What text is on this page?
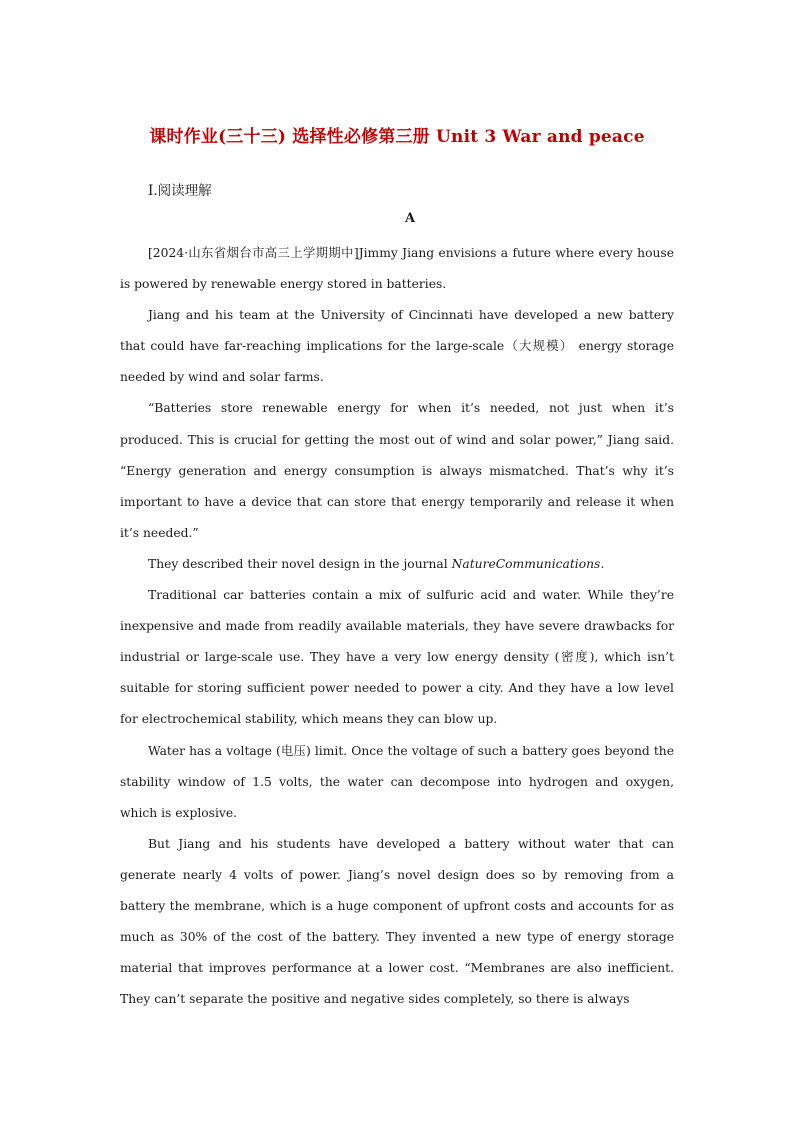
课时作业(三十三) 选择性必修第三册 Unit 3 War and peace
Ⅰ.阅读理解
A

[2024·山东省烟台市高三上学期期中]Jimmy Jiang envisions a future where every house is powered by renewable energy stored in batteries.

Jiang and his team at the University of Cincinnati have developed a new battery that could have far-reaching implications for the large-scale（大规模） energy storage needed by wind and solar farms.

“Batteries store renewable energy for when it’s needed, not just when it’s produced. This is crucial for getting the most out of wind and solar power,” Jiang said. “Energy generation and energy consumption is always mismatched. That’s why it’s important to have a device that can store that energy temporarily and release it when it’s needed.”

They described their novel design in the journal NatureCommunications.

Traditional car batteries contain a mix of sulfuric acid and water. While they’re inexpensive and made from readily available materials, they have severe drawbacks for industrial or large-scale use. They have a very low energy density (密度), which isn’t suitable for storing sufficient power needed to power a city. And they have a low level for electrochemical stability, which means they can blow up.

Water has a voltage (电压) limit. Once the voltage of such a battery goes beyond the stability window of 1.5 volts, the water can decompose into hydrogen and oxygen, which is explosive.

But Jiang and his students have developed a battery without water that can generate nearly 4 volts of power. Jiang’s novel design does so by removing from a battery the membrane, which is a huge component of upfront costs and accounts for as much as 30% of the cost of the battery. They invented a new type of energy storage material that improves performance at a lower cost. “Membranes are also inefficient. They can’t separate the positive and negative sides completely, so there is always
